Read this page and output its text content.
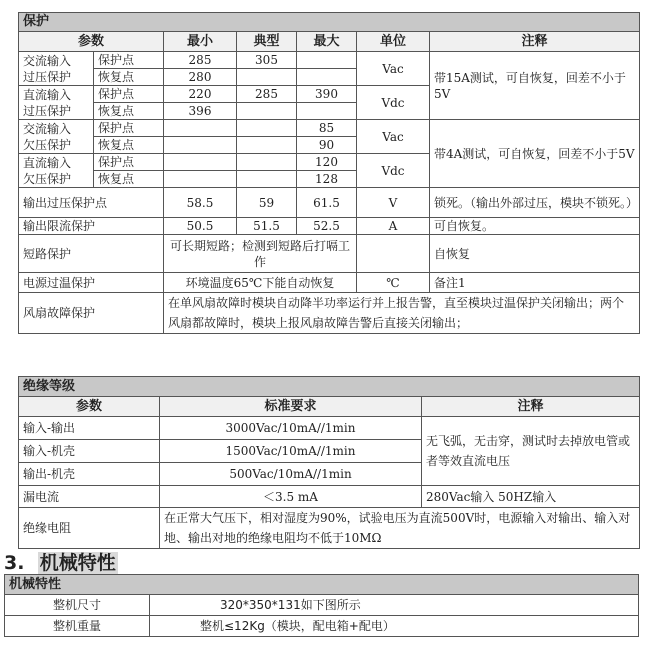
保护						
参数		最小	典型	最大	单位	注释
交流输入
过压保护	保护点	285	305		Vac	带15A测试，可自恢复，回差不小于5V
	恢复点	280				
直流输入
过压保护	保护点	220	285	390	Vdc	
	恢复点	396				
交流输入
欠压保护	保护点			85	Vac	带4A测试，可自恢复，回差不小于5V
	恢复点			90		
直流输入
欠压保护	保护点			120	Vdc	
	恢复点			128		
输出过压保护点		58.5	59	61.5	V	锁死。（输出外部过压，模块不锁死。）
输出限流保护		50.5	51.5	52.5	A	可自恢复。
短路保护		可长期短路；检测到短路后打嗝工作				自恢复
电源过温保护		环境温度65℃下能自动恢复			℃	备注1
风扇故障保护		在单风扇故障时模块自动降半功率运行并上报告警，直至模块过温保护关闭输出；两个风扇都故障时，模块上报风扇故障告警后直接关闭输出；				
绝缘等级		
参数	标准要求	注释
输入-输出	3000Vac/10mA//1min	无飞弧，无击穿，测试时去掉放电管或者等效直流电压
输入-机壳	1500Vac/10mA//1min	
输出-机壳	500Vac/10mA//1min	
漏电流	＜3.5 mA	280Vac输入 50HZ输入
绝缘电阻	在正常大气压下，相对湿度为90%，试验电压为直流500V时，电源输入对输出、输入对地、输出对地的绝缘电阻均不低于10MΩ	
3. 机械特性
机械特性	
整机尺寸	320*350*131如下图所示
整机重量	整机≤12Kg（模块，配电箱+配电）
